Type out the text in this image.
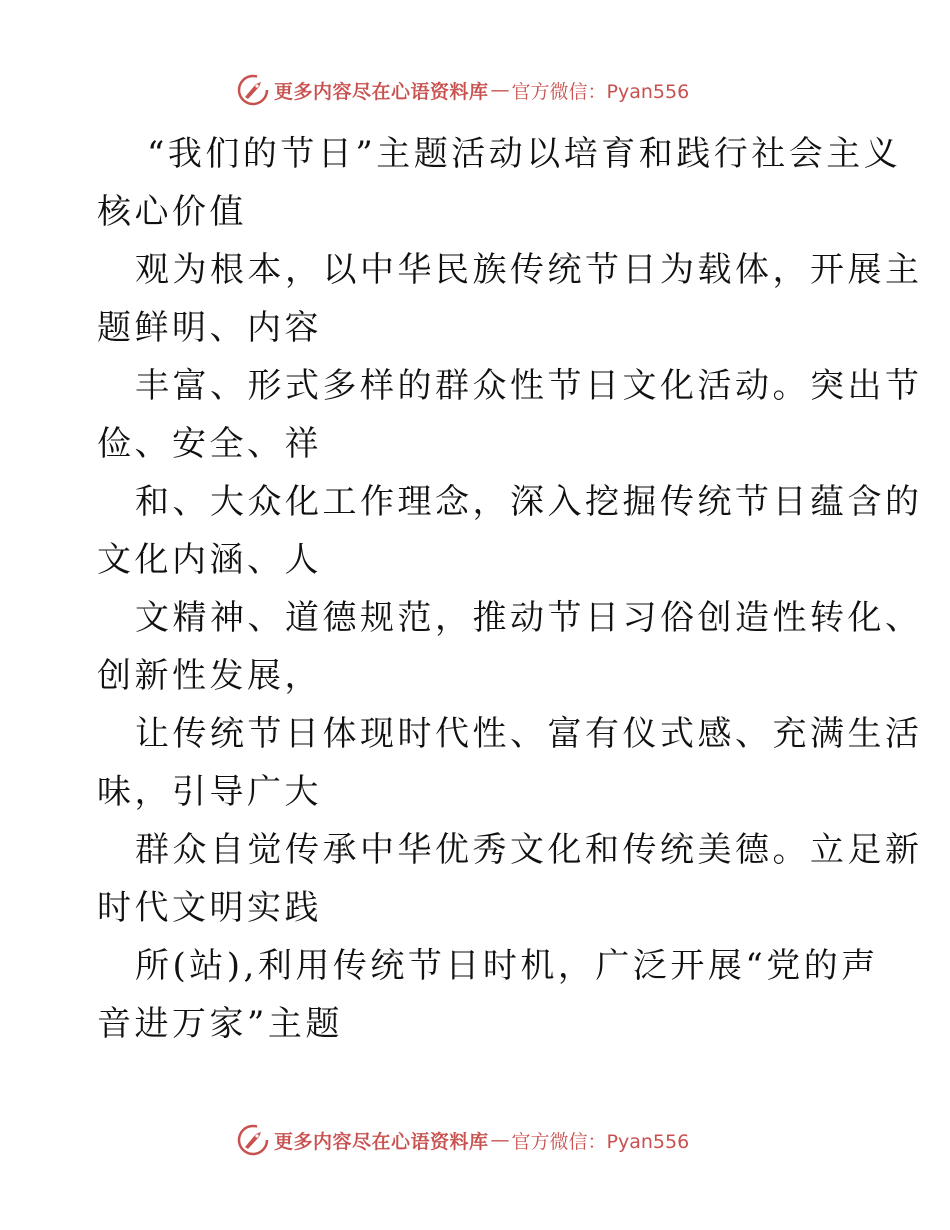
更多内容尽在心语资料库 — 官方微信：Pyan556
“我们的节日”主题活动以培育和践行社会主义
核心价值
观为根本，以中华民族传统节日为载体，开展主
题鲜明、内容
丰富、形式多样的群众性节日文化活动。突出节
俭、安全、祥
和、大众化工作理念，深入挖掘传统节日蕴含的
文化内涵、人
文精神、道德规范，推动节日习俗创造性转化、
创新性发展，
让传统节日体现时代性、富有仪式感、充满生活
味，引导广大
群众自觉传承中华优秀文化和传统美德。立足新
时代文明实践
所(站),利用传统节日时机，广泛开展“党的声
音进万家”主题
更多内容尽在心语资料库 — 官方微信：Pyan556
